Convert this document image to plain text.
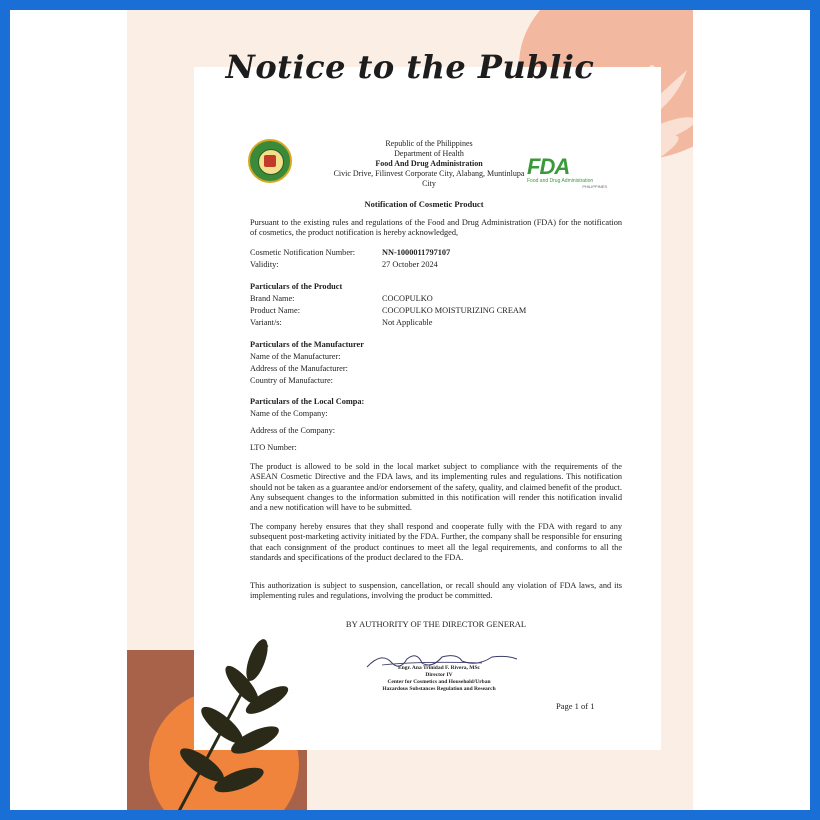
Notice to the Public
Republic of the Philippines
Department of Health
Food And Drug Administration
Civic Drive, Filinvest Corporate City, Alabang, Muntinlupa
City
FDA
Food and Drug Administration
PHILIPPINES
Notification of Cosmetic Product
Pursuant to the existing rules and regulations of the Food and Drug Administration (FDA) for the notification of cosmetics, the product notification is hereby acknowledged,
Cosmetic Notification Number:	NN-1000011797107
Validity:	27 October 2024
Particulars of the Product
Brand Name:	COCOPULKO
Product Name:	COCOPULKO MOISTURIZING CREAM
Variant/s:	Not Applicable
Particulars of the Manufacturer
Name of the Manufacturer:
Address of the Manufacturer:
Country of Manufacture:
Particulars of the Local Compa:
Name of the Company:
Address of the Company:
LTO Number:
The product is allowed to be sold in the local market subject to compliance with the requirements of the ASEAN Cosmetic Directive and the FDA laws, and its implementing rules and regulations. This notification should not be taken as a guarantee and/or endorsement of the safety, quality, and claimed benefit of the product. Any subsequent changes to the information submitted in this notification will render this notification invalid and a new notification will have to be submitted.
The company hereby ensures that they shall respond and cooperate fully with the FDA with regard to any subsequent post-marketing activity initiated by the FDA. Further, the company shall be responsible for ensuring that each consignment of the product continues to meet all the legal requirements, and conforms to all the standards and specifications of the product declared to the FDA.
This authorization is subject to suspension, cancellation, or recall should any violation of FDA laws, and its implementing rules and regulations, involving the product be committed.
BY AUTHORITY OF THE DIRECTOR GENERAL
Engr. Ana Trinidad F. Rivera, MSc
Director IV
Center for Cosmetics and Household/Urban
Hazardous Substances Regulation and Research
Page 1 of 1
